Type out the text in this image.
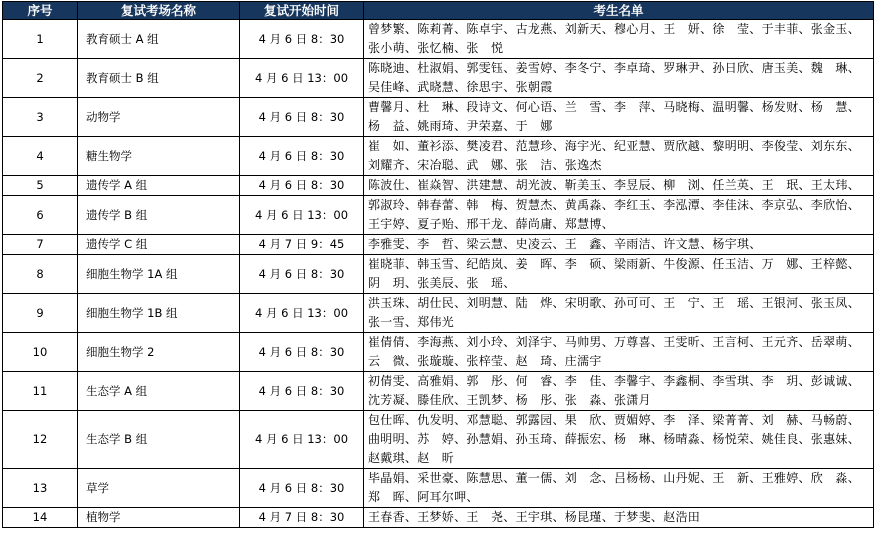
序号	复试考场名称	复试开始时间	考生名单
1	教育硕士 A 组	4 月 6 日 8：30	曾梦繁、陈莉菁、陈卓宇、古龙燕、刘新天、穆心月、王　妍、徐　莹、于丰菲、张金玉、
张小萌、张忆楠、张　悦

2	教育硕士 B 组	4 月 6 日 13：00	陈晓迪、杜淑娟、郭雯钰、姜雪婷、李冬宁、李卓琦、罗琳尹、孙日欣、唐玉美、魏　琳、
吴佳峰、武晓慧、徐思宇、张朝霞

3	动物学	4 月 6 日 8：30	曹馨月、杜　琳、段诗文、何心语、兰　雪、李　萍、马晓梅、温明馨、杨发财、杨　慧、
杨　益、姚雨琦、尹荣嘉、于　娜

4	糖生物学	4 月 6 日 8：30	崔　如、董衫添、樊凌君、范慧珍、海宇光、纪亚慧、贾欣越、黎明明、李俊莹、刘东东、
刘耀齐、宋冶聪、武　娜、张　洁、张逸杰

5	遗传学 A 组	4 月 6 日 8：30	陈波仕、崔焱智、洪建慧、胡光波、靳美玉、李昱辰、柳　浏、任兰英、王　珉、王太玮、

6	遗传学 B 组	4 月 6 日 13：00	郭淑玲、韩春蕾、韩　梅、贺慧杰、黄禹淼、李红玉、李泓潭、李佳沫、李京弘、李欣怡、
王宇婷、夏子贻、邢干龙、薛尚庸、郑慧博、

7	遗传学 C 组	4 月 7 日 9：45	李雅雯、李　哲、梁云慧、史凌云、王　鑫、辛雨洁、许文慧、杨宇琪、

8	细胞生物学 1A 组	4 月 6 日 8：30	崔晓菲、韩玉雪、纪皓岚、姜　晖、李　硕、梁雨新、牛俊源、任玉洁、万　娜、王梓懿、
阴　玥、张美辰、张　瑶、

9	细胞生物学 1B 组	4 月 6 日 13：00	洪玉珠、胡仕民、刘明慧、陆　烨、宋明歌、孙可可、王　宁、王　瑶、王银河、张玉凤、
张一雪、郑伟光

10	细胞生物学 2	4 月 6 日 8：30	崔倩倩、李海燕、刘小玲、刘泽宇、马帅男、万尊喜、王雯昕、王言柯、王元齐、岳翠萌、
云　微、张璇璇、张梓莹、赵　琦、庄濡宇

11	生态学 A 组	4 月 6 日 8：30	初倩雯、高雅娟、郭　彤、何　睿、李　佳、李馨宇、李鑫桐、李雪琪、李　玥、彭诚诚、
沈芳凝、滕佳欣、王凯梦、杨　彤、张　淼、张潇月

12	生态学 B 组	4 月 6 日 13：00	包仕晖、仇发明、邓慧聪、郭露园、果　欣、贾媚婷、李　泽、梁菁菁、刘　赫、马畅蔚、
曲明明、苏　婷、孙慧娟、孙玉琦、薛振宏、杨　琳、杨晴淼、杨悦荣、姚佳良、张惠妹、
赵戴琪、赵　昕

13	草学	4 月 6 日 8：30	毕晶娟、采世豪、陈慧思、董一儒、刘　念、吕杨杨、山丹妮、王　新、王雅婷、欣　淼、
郑　晖、阿耳尔呷、

14	植物学	4 月 7 日 8：30	王春香、王梦娇、王　尧、王宇琪、杨昆瑾、于梦斐、赵浩田
